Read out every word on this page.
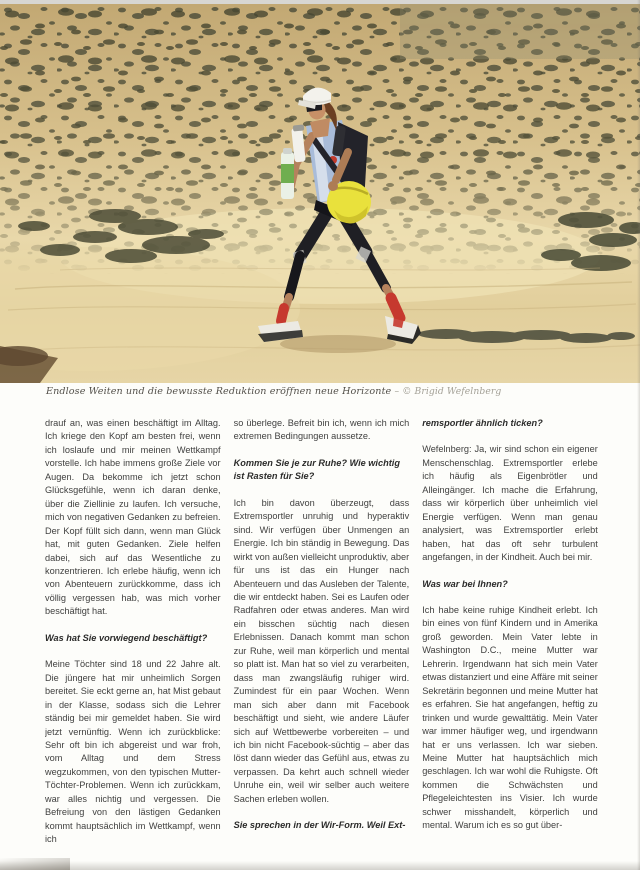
Endlose Weiten und die bewusste Reduktion eröffnen neue Horizonte – © Brigid Wefelnberg

drauf an, was einen beschäftigt im Alltag. Ich kriege den Kopf am besten frei, wenn ich loslaufe und mir meinen Wettkampf vorstelle. Ich habe immens große Ziele vor Augen. Da bekomme ich jetzt schon Glücksgefühle, wenn ich daran denke, über die Ziellinie zu laufen. Ich versuche, mich von negativen Gedanken zu befreien. Der Kopf füllt sich dann, wenn man Glück hat, mit guten Gedanken. Ziele helfen dabei, sich auf das Wesentliche zu konzentrieren. Ich erlebe häufig, wenn ich von Abenteuern zurückkomme, dass ich völlig vergessen hab, was mich vorher beschäftigt hat.

Was hat Sie vorwiegend beschäftigt?

Meine Töchter sind 18 und 22 Jahre alt. Die jüngere hat mir unheimlich Sorgen bereitet. Sie eckt gerne an, hat Mist gebaut in der Klasse, sodass sich die Lehrer ständig bei mir gemeldet haben. Sie wird jetzt vernünftig. Wenn ich zurückblicke: Sehr oft bin ich abgereist und war froh, vom Alltag und dem Stress wegzukommen, von den typischen Mutter-Töchter-Problemen. Wenn ich zurückkam, war alles nichtig und vergessen. Die Befreiung von den lästigen Gedanken kommt hauptsächlich im Wettkampf, wenn ich

so überlege. Befreit bin ich, wenn ich mich extremen Bedingungen aussetze.

Kommen Sie je zur Ruhe? Wie wichtig ist Rasten für Sie?

Ich bin davon überzeugt, dass Extremsportler unruhig und hyperaktiv sind. Wir verfügen über Unmengen an Energie. Ich bin ständig in Bewegung. Das wirkt von außen vielleicht unproduktiv, aber für uns ist das ein Hunger nach Abenteuern und das Ausleben der Talente, die wir entdeckt haben. Sei es Laufen oder Radfahren oder etwas anderes. Man wird ein bisschen süchtig nach diesen Erlebnissen. Danach kommt man schon zur Ruhe, weil man körperlich und mental so platt ist. Man hat so viel zu verarbeiten, dass man zwangsläufig ruhiger wird. Zumindest für ein paar Wochen. Wenn man sich aber dann mit Facebook beschäftigt und sieht, wie andere Läufer sich auf Wettbewerbe vorbereiten – und ich bin nicht Facebook-süchtig – aber das löst dann wieder das Gefühl aus, etwas zu verpassen. Da kehrt auch schnell wieder Unruhe ein, weil wir selber auch weitere Sachen erleben wollen.

Sie sprechen in der Wir-Form. Weil Ext-

remsportler ähnlich ticken?

Wefelnberg: Ja, wir sind schon ein eigener Menschenschlag. Extremsportler erlebe ich häufig als Eigenbrötler und Alleingänger. Ich mache die Erfahrung, dass wir körperlich über unheimlich viel Energie verfügen. Wenn man genau analysiert, was Extremsportler erlebt haben, hat das oft sehr turbulent angefangen, in der Kindheit. Auch bei mir.

Was war bei Ihnen?

Ich habe keine ruhige Kindheit erlebt. Ich bin eines von fünf Kindern und in Amerika groß geworden. Mein Vater lebte in Washington D.C., meine Mutter war Lehrerin. Irgendwann hat sich mein Vater etwas distanziert und eine Affäre mit seiner Sekretärin begonnen und meine Mutter hat es erfahren. Sie hat angefangen, heftig zu trinken und wurde gewalttätig. Mein Vater war immer häufiger weg, und irgendwann hat er uns verlassen. Ich war sieben. Meine Mutter hat hauptsächlich mich geschlagen. Ich war wohl die Ruhigste. Oft kommen die Schwächsten und Pflegeleichtesten ins Visier. Ich wurde schwer misshandelt, körperlich und mental. Warum ich es so gut über-
